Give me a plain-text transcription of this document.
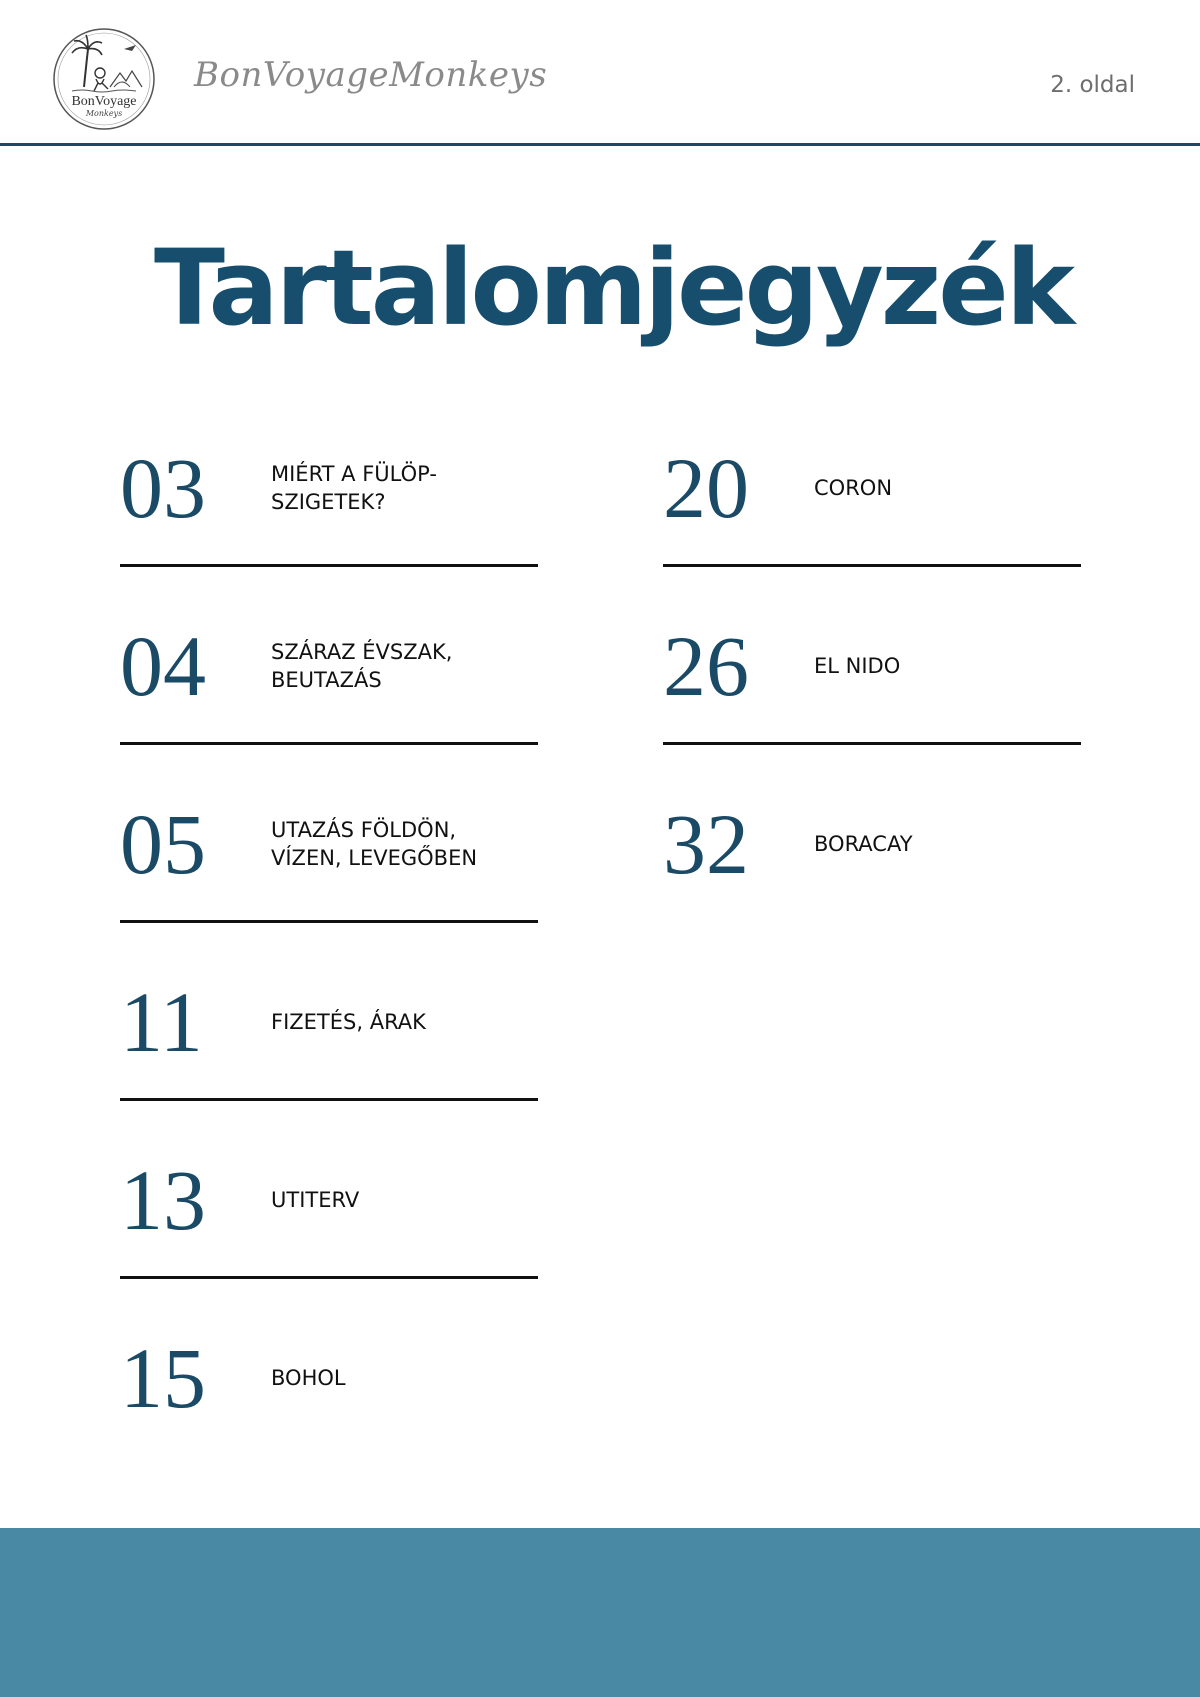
BonVoyage
Monkeys
BonVoyageMonkeys	2. oldal
Tartalomjegyzék
03	MIÉRT A FÜLÖP-
SZIGETEK?
04	SZÁRAZ ÉVSZAK,
BEUTAZÁS
05	UTAZÁS FÖLDÖN,
VÍZEN, LEVEGŐBEN
11	FIZETÉS, ÁRAK
13	UTITERV
15	BOHOL
20	CORON
26	EL NIDO
32	BORACAY
